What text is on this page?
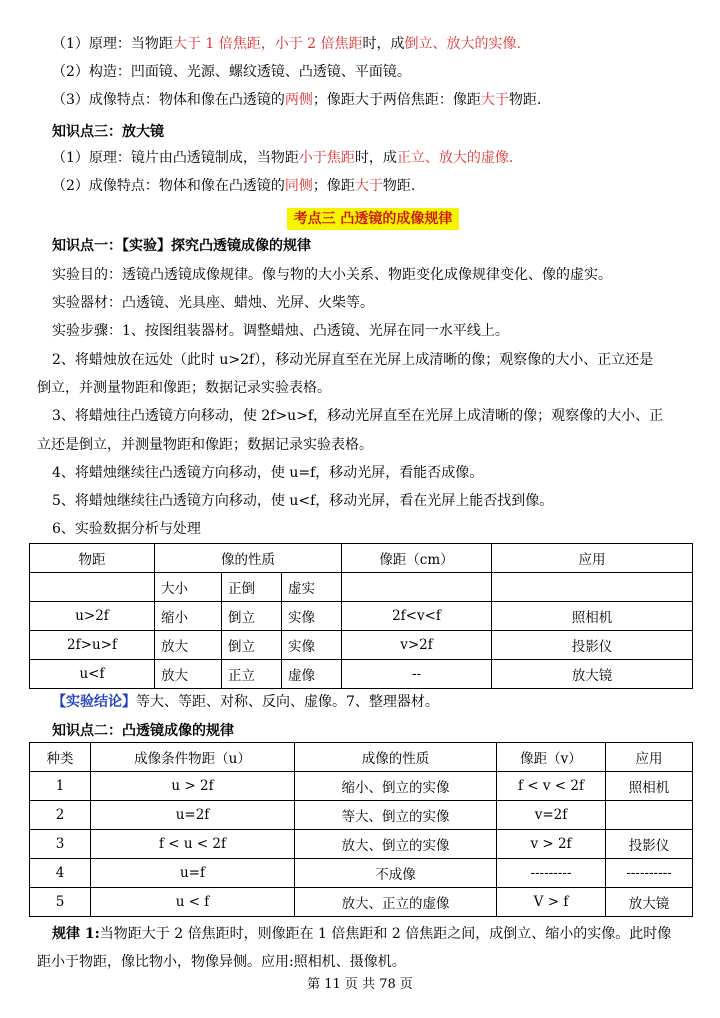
（1）原理：当物距大于 1 倍焦距，小于 2 倍焦距时，成倒立、放大的实像.
（2）构造：凹面镜、光源、螺纹透镜、凸透镜、平面镜。
（3）成像特点：物体和像在凸透镜的两侧；像距大于两倍焦距：像距大于物距.
知识点三：放大镜
（1）原理：镜片由凸透镜制成，当物距小于焦距时，成正立、放大的虚像.
（2）成像特点：物体和像在凸透镜的同侧；像距大于物距.
考点三 凸透镜的成像规律
知识点一：【实验】探究凸透镜成像的规律
实验目的：透镜凸透镜成像规律。像与物的大小关系、物距变化成像规律变化、像的虚实。
实验器材：凸透镜、光具座、蜡烛、光屏、火柴等。
实验步骤：1、按图组装器材。调整蜡烛、凸透镜、光屏在同一水平线上。
2、将蜡烛放在远处（此时 u>2f），移动光屏直至在光屏上成清晰的像；观察像的大小、正立还是
倒立，并测量物距和像距；数据记录实验表格。
3、将蜡烛往凸透镜方向移动，使 2f>u>f，移动光屏直至在光屏上成清晰的像；观察像的大小、正
立还是倒立，并测量物距和像距；数据记录实验表格。
4、将蜡烛继续往凸透镜方向移动，使 u=f，移动光屏，看能否成像。
5、将蜡烛继续往凸透镜方向移动，使 u<f，移动光屏，看在光屏上能否找到像。
6、实验数据分析与处理
物距	像的性质			像距（cm）	应用
	大小	正倒	虚实		
u>2f	缩小	倒立	实像	2f<v<f	照相机
2f>u>f	放大	倒立	实像	v>2f	投影仪
u<f	放大	正立	虚像	--	放大镜
【实验结论】等大、等距、对称、反向、虚像。7、整理器材。
知识点二：凸透镜成像的规律
种类	成像条件物距（u）	成像的性质	像距（v）	应用
1	u > 2f	缩小、倒立的实像	f < v < 2f	照相机
2	u=2f	等大、倒立的实像	v=2f	
3	f < u < 2f	放大、倒立的实像	v > 2f	投影仪
4	u=f	不成像	---------	----------
5	u < f	放大、正立的虚像	V > f	放大镜
规律 1:当物距大于 2 倍焦距时，则像距在 1 倍焦距和 2 倍焦距之间，成倒立、缩小的实像。此时像
距小于物距，像比物小，物像异侧。应用:照相机、摄像机。
第 11 页 共 78 页
